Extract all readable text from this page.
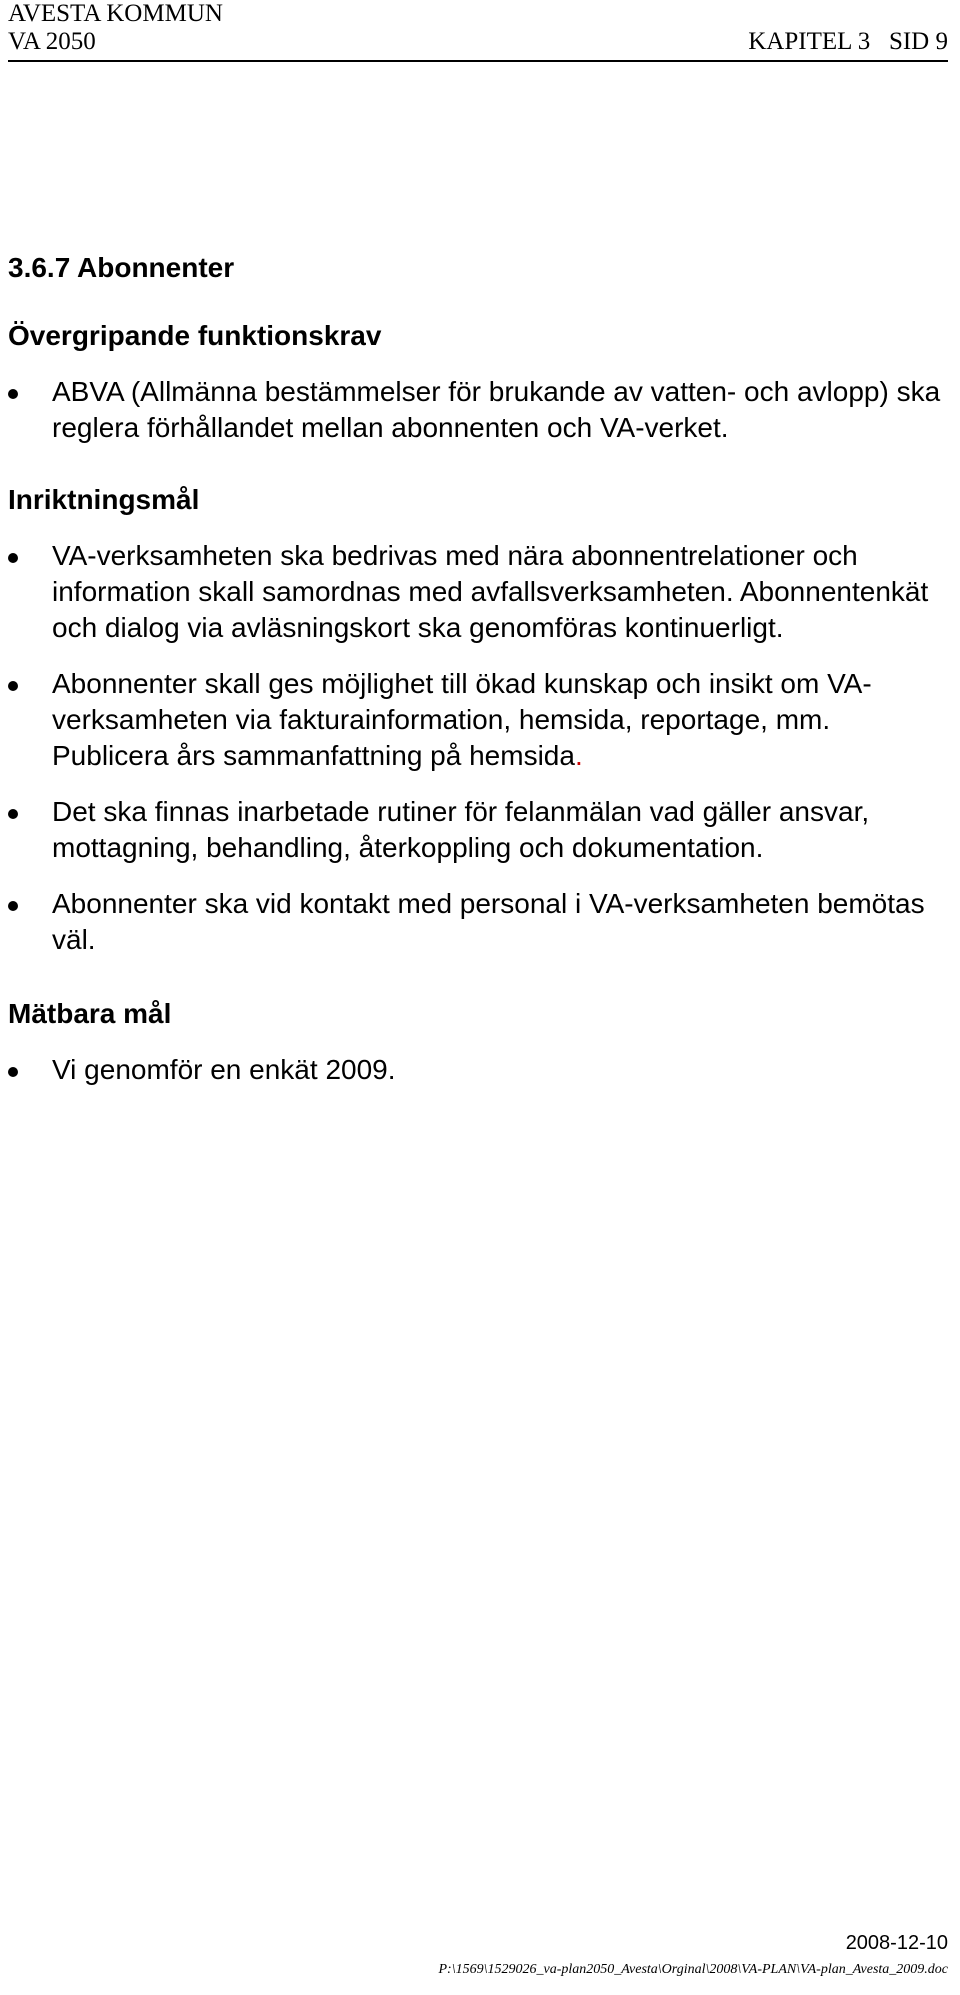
AVESTA KOMMUN
VA 2050	KAPITEL 3   SID 9
3.6.7 Abonnenter
Övergripande funktionskrav
ABVA (Allmänna bestämmelser för brukande av vatten- och avlopp) ska reglera förhållandet mellan abonnenten och VA-verket.
Inriktningsmål
VA-verksamheten ska bedrivas med nära abonnentrelationer och information skall samordnas med avfallsverksamheten. Abonnentenkät och dialog via avläsningskort ska genomföras kontinuerligt.
Abonnenter skall ges möjlighet till ökad kunskap och insikt om VA-verksamheten via fakturainformation, hemsida, reportage, mm. Publicera års sammanfattning på hemsida.
Det ska finnas inarbetade rutiner för felanmälan vad gäller ansvar, mottagning, behandling, återkoppling och dokumentation.
Abonnenter ska vid kontakt med personal i VA-verksamheten bemötas väl.
Mätbara mål
Vi genomför en enkät 2009.
2008-12-10
P:\1569\1529026_va-plan2050_Avesta\Orginal\2008\VA-PLAN\VA-plan_Avesta_2009.doc
